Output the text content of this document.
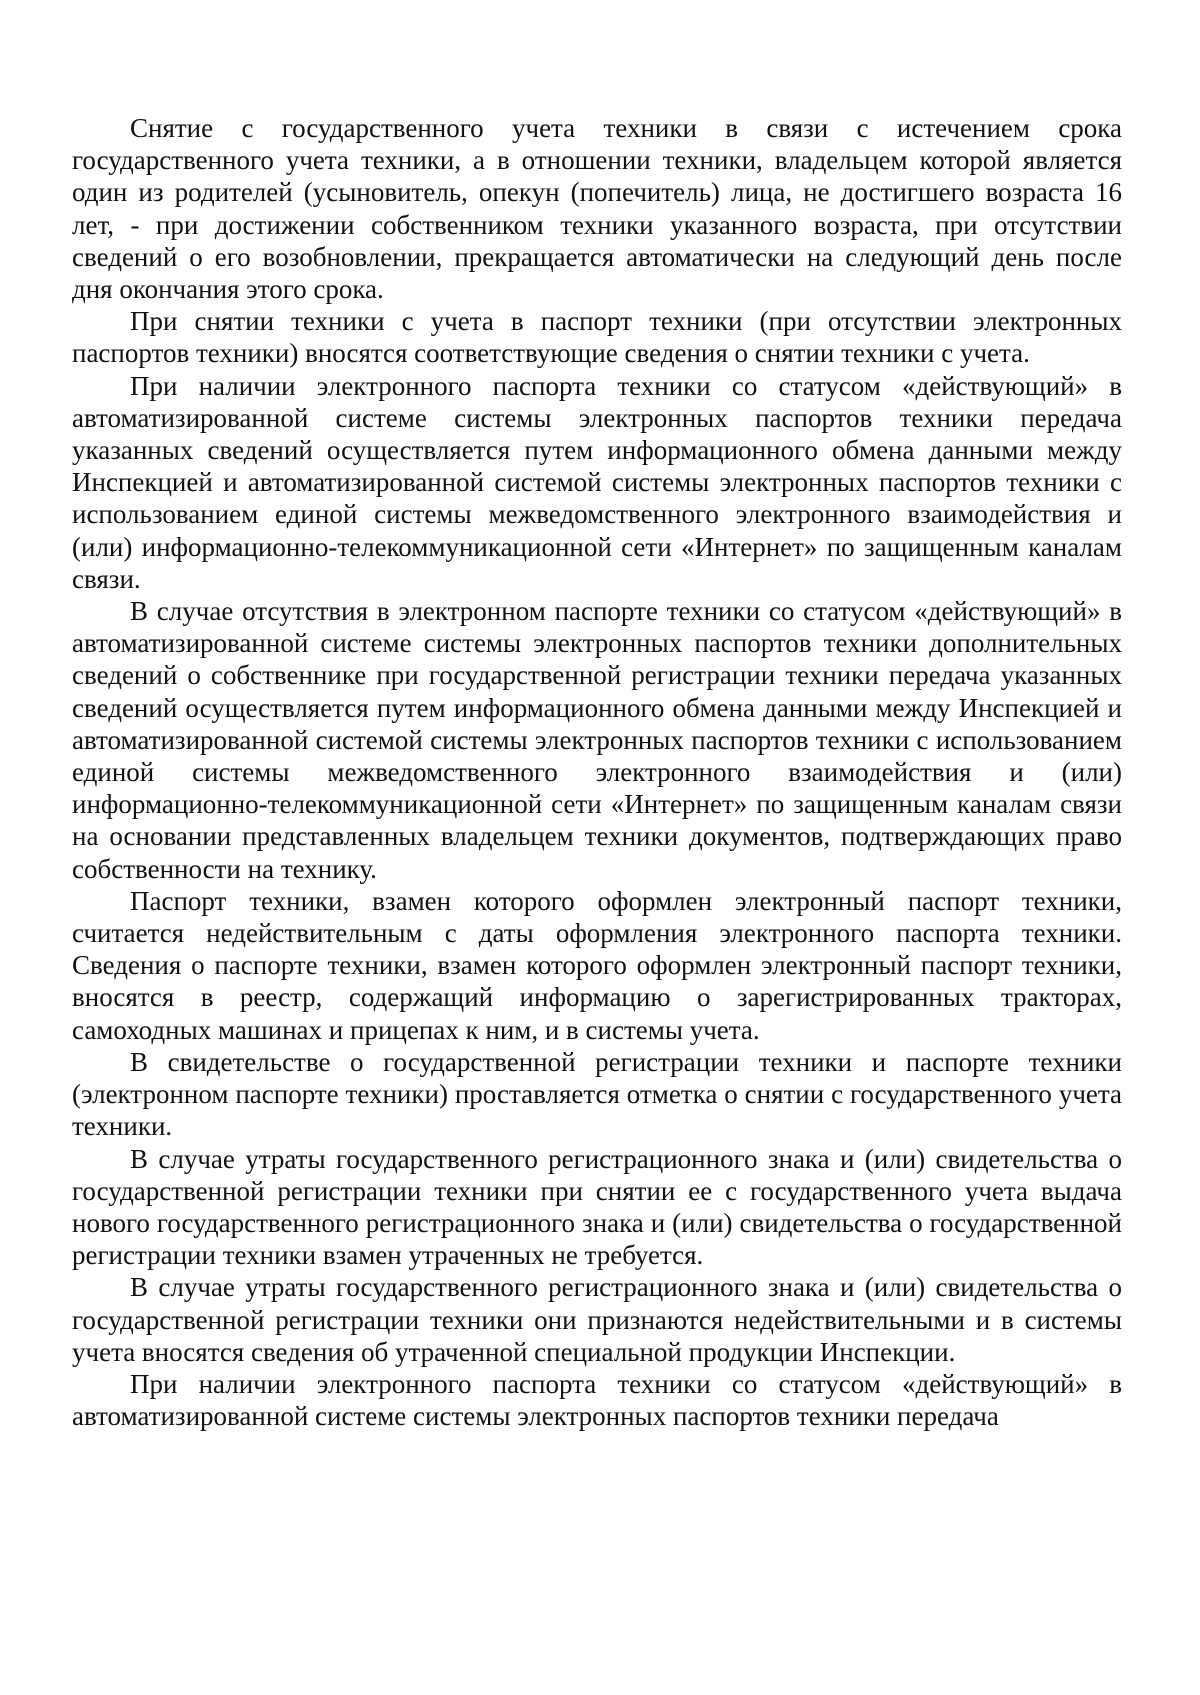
Снятие с государственного учета техники в связи с истечением срока государственного учета техники, а в отношении техники, владельцем которой является один из родителей (усыновитель, опекун (попечитель) лица, не достигшего возраста 16 лет, - при достижении собственником техники указанного возраста, при отсутствии сведений о его возобновлении, прекращается автоматически на следующий день после дня окончания этого срока.

При снятии техники с учета в паспорт техники (при отсутствии электронных паспортов техники) вносятся соответствующие сведения о снятии техники с учета.

При наличии электронного паспорта техники со статусом «действующий» в автоматизированной системе системы электронных паспортов техники передача указанных сведений осуществляется путем информационного обмена данными между Инспекцией и автоматизированной системой системы электронных паспортов техники с использованием единой системы межведомственного электронного взаимодействия и (или) информационно-телекоммуникационной сети «Интернет» по защищенным каналам связи.

В случае отсутствия в электронном паспорте техники со статусом «действующий» в автоматизированной системе системы электронных паспортов техники дополнительных сведений о собственнике при государственной регистрации техники передача указанных сведений осуществляется путем информационного обмена данными между Инспекцией и автоматизированной системой системы электронных паспортов техники с использованием единой системы межведомственного электронного взаимодействия и (или) информационно-телекоммуникационной сети «Интернет» по защищенным каналам связи на основании представленных владельцем техники документов, подтверждающих право собственности на технику.

Паспорт техники, взамен которого оформлен электронный паспорт техники, считается недействительным с даты оформления электронного паспорта техники. Сведения о паспорте техники, взамен которого оформлен электронный паспорт техники, вносятся в реестр, содержащий информацию о зарегистрированных тракторах, самоходных машинах и прицепах к ним, и в системы учета.

В свидетельстве о государственной регистрации техники и паспорте техники (электронном паспорте техники) проставляется отметка о снятии с государственного учета техники.

В случае утраты государственного регистрационного знака и (или) свидетельства о государственной регистрации техники при снятии ее с государственного учета выдача нового государственного регистрационного знака и (или) свидетельства о государственной регистрации техники взамен утраченных не требуется.

В случае утраты государственного регистрационного знака и (или) свидетельства о государственной регистрации техники они признаются недействительными и в системы учета вносятся сведения об утраченной специальной продукции Инспекции.

При наличии электронного паспорта техники со статусом «действующий» в автоматизированной системе системы электронных паспортов техники передача
